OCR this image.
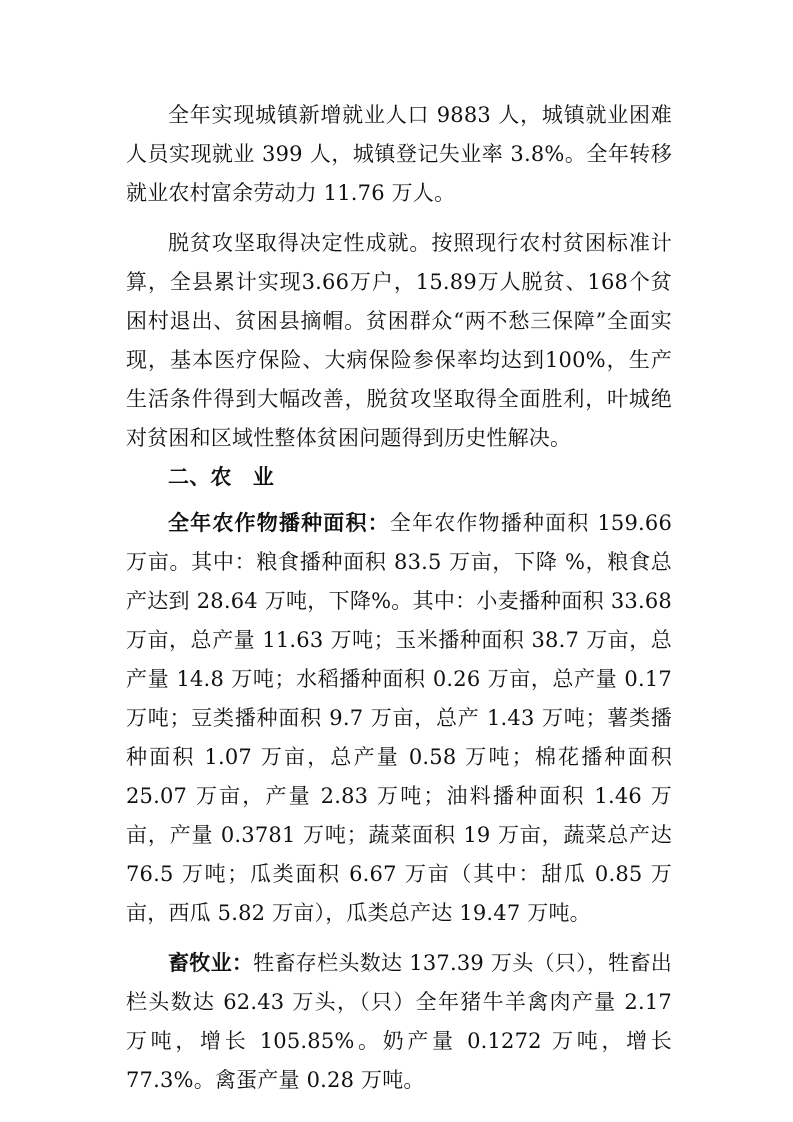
全年实现城镇新增就业人口 9883 人，城镇就业困难人员实现就业 399 人，城镇登记失业率 3.8%。全年转移就业农村富余劳动力 11.76 万人。

脱贫攻坚取得决定性成就。按照现行农村贫困标准计算，全县累计实现3.66万户，15.89万人脱贫、168个贫困村退出、贫困县摘帽。贫困群众“两不愁三保障”全面实现，基本医疗保险、大病保险参保率均达到100%，生产生活条件得到大幅改善，脱贫攻坚取得全面胜利，叶城绝对贫困和区域性整体贫困问题得到历史性解决。

二、农　业

全年农作物播种面积：全年农作物播种面积 159.66 万亩。其中：粮食播种面积 83.5 万亩，下降 %，粮食总产达到 28.64 万吨，下降%。其中：小麦播种面积 33.68 万亩，总产量 11.63 万吨；玉米播种面积 38.7 万亩，总产量 14.8 万吨；水稻播种面积 0.26 万亩，总产量 0.17 万吨；豆类播种面积 9.7 万亩，总产 1.43 万吨；薯类播种面积 1.07 万亩，总产量 0.58 万吨；棉花播种面积 25.07 万亩，产量 2.83 万吨；油料播种面积 1.46 万亩，产量 0.3781 万吨；蔬菜面积 19 万亩，蔬菜总产达 76.5 万吨；瓜类面积 6.67 万亩（其中：甜瓜 0.85 万亩，西瓜 5.82 万亩），瓜类总产达 19.47 万吨。

畜牧业：牲畜存栏头数达 137.39 万头（只），牲畜出栏头数达 62.43 万头，（只）全年猪牛羊禽肉产量 2.17 万吨，增长 105.85%。奶产量 0.1272 万吨，增长 77.3%。禽蛋产量 0.28 万吨。
